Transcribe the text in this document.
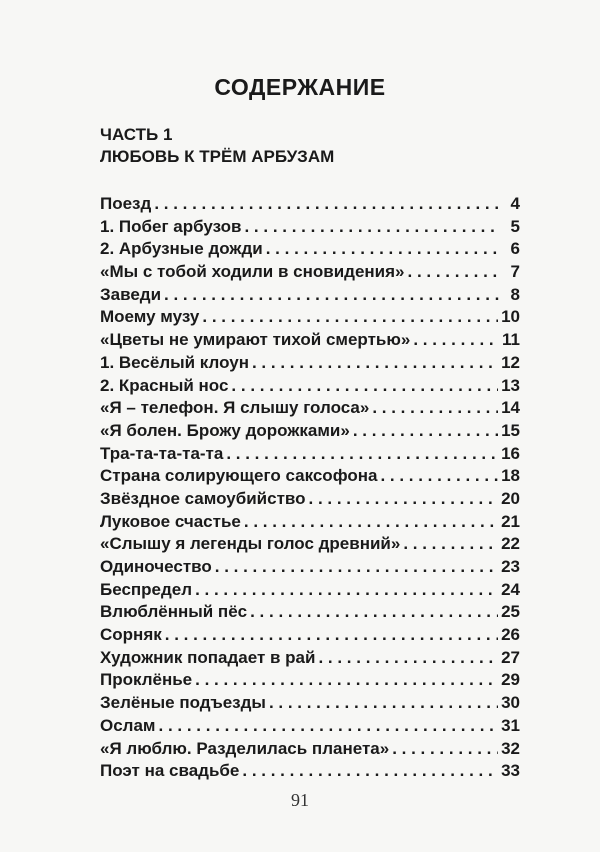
СОДЕРЖАНИЕ
ЧАСТЬ 1
ЛЮБОВЬ К ТРЁМ АРБУЗАМ
Поезд . . .	4
1. Побег арбузов . . .	5
2. Арбузные дожди . . .	6
«Мы с тобой ходили в сновидения» . . .	7
Заведи . . .	8
Моему музу . . .	10
«Цветы не умирают тихой смертью» . . .	11
1. Весёлый клоун . . .	12
2. Красный нос . . .	13
«Я – телефон. Я слышу голоса» . . .	14
«Я болен. Брожу дорожками» . . .	15
Тра-та-та-та-та . . .	16
Страна солирующего саксофона . . .	18
Звёздное самоубийство . . .	20
Луковое счастье . . .	21
«Слышу я легенды голос древний» . . .	22
Одиночество . . .	23
Беспредел . . .	24
Влюблённый пёс . . .	25
Сорняк . . .	26
Художник попадает в рай . . .	27
Проклёнье . . .	29
Зелёные подъезды . . .	30
Ослам . . .	31
«Я люблю. Разделилась планета» . . .	32
Поэт на свадьбе . . .	33
91
